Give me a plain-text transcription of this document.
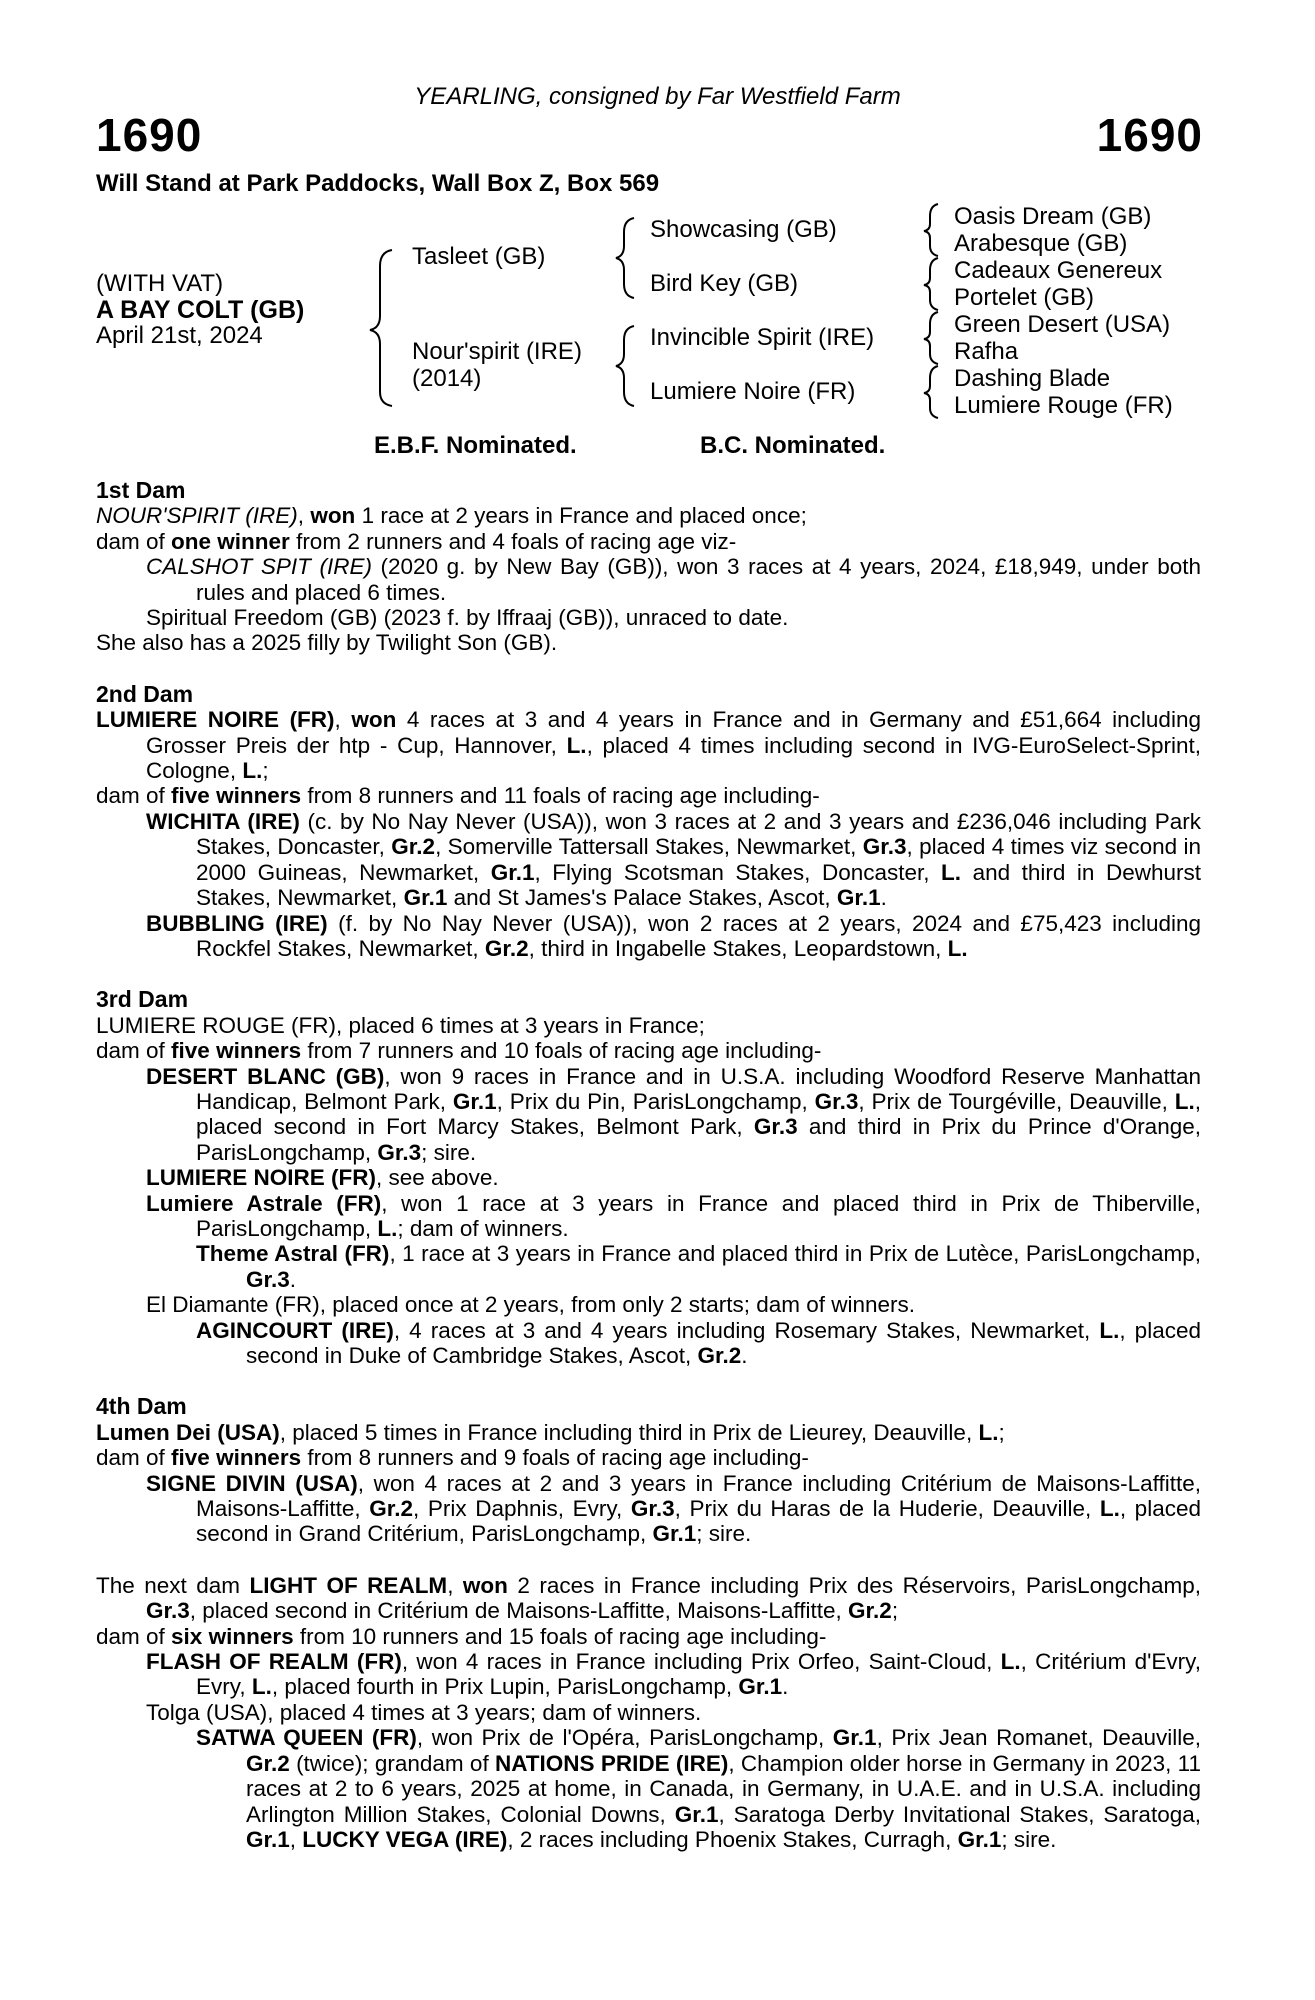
YEARLING, consigned by Far Westfield Farm
1690	1690
Will Stand at Park Paddocks, Wall Box Z, Box 569
(WITH VAT)
A BAY COLT (GB)
April 21st, 2024
Tasleet (GB)
Nour'spirit (IRE)
(2014)
Showcasing (GB)
Bird Key (GB)
Invincible Spirit (IRE)
Lumiere Noire (FR)
Oasis Dream (GB)
Arabesque (GB)
Cadeaux Genereux
Portelet (GB)
Green Desert (USA)
Rafha
Dashing Blade
Lumiere Rouge (FR)
E.B.F. Nominated.	B.C. Nominated.

1st Dam

NOUR'SPIRIT (IRE), won 1 race at 2 years in France and placed once;

dam of one winner from 2 runners and 4 foals of racing age viz-

CALSHOT SPIT (IRE) (2020 g. by New Bay (GB)), won 3 races at 4 years, 2024, £18,949, under both rules and placed 6 times.

Spiritual Freedom (GB) (2023 f. by Iffraaj (GB)), unraced to date.

She also has a 2025 filly by Twilight Son (GB).

2nd Dam

LUMIERE NOIRE (FR), won 4 races at 3 and 4 years in France and in Germany and £51,664 including Grosser Preis der htp - Cup, Hannover, L., placed 4 times including second in IVG-EuroSelect-Sprint, Cologne, L.;

dam of five winners from 8 runners and 11 foals of racing age including-

WICHITA (IRE) (c. by No Nay Never (USA)), won 3 races at 2 and 3 years and £236,046 including Park Stakes, Doncaster, Gr.2, Somerville Tattersall Stakes, Newmarket, Gr.3, placed 4 times viz second in 2000 Guineas, Newmarket, Gr.1, Flying Scotsman Stakes, Doncaster, L. and third in Dewhurst Stakes, Newmarket, Gr.1 and St James's Palace Stakes, Ascot, Gr.1.

BUBBLING (IRE) (f. by No Nay Never (USA)), won 2 races at 2 years, 2024 and £75,423 including Rockfel Stakes, Newmarket, Gr.2, third in Ingabelle Stakes, Leopardstown, L.

3rd Dam

LUMIERE ROUGE (FR), placed 6 times at 3 years in France;

dam of five winners from 7 runners and 10 foals of racing age including-

DESERT BLANC (GB), won 9 races in France and in U.S.A. including Woodford Reserve Manhattan Handicap, Belmont Park, Gr.1, Prix du Pin, ParisLongchamp, Gr.3, Prix de Tourgéville, Deauville, L., placed second in Fort Marcy Stakes, Belmont Park, Gr.3 and third in Prix du Prince d'Orange, ParisLongchamp, Gr.3; sire.

LUMIERE NOIRE (FR), see above.

Lumiere Astrale (FR), won 1 race at 3 years in France and placed third in Prix de Thiberville, ParisLongchamp, L.; dam of winners.

Theme Astral (FR), 1 race at 3 years in France and placed third in Prix de Lutèce, ParisLongchamp, Gr.3.

El Diamante (FR), placed once at 2 years, from only 2 starts; dam of winners.

AGINCOURT (IRE), 4 races at 3 and 4 years including Rosemary Stakes, Newmarket, L., placed second in Duke of Cambridge Stakes, Ascot, Gr.2.

4th Dam

Lumen Dei (USA), placed 5 times in France including third in Prix de Lieurey, Deauville, L.;

dam of five winners from 8 runners and 9 foals of racing age including-

SIGNE DIVIN (USA), won 4 races at 2 and 3 years in France including Critérium de Maisons-Laffitte, Maisons-Laffitte, Gr.2, Prix Daphnis, Evry, Gr.3, Prix du Haras de la Huderie, Deauville, L., placed second in Grand Critérium, ParisLongchamp, Gr.1; sire.

The next dam LIGHT OF REALM, won 2 races in France including Prix des Réservoirs, ParisLongchamp, Gr.3, placed second in Critérium de Maisons-Laffitte, Maisons-Laffitte, Gr.2;

dam of six winners from 10 runners and 15 foals of racing age including-

FLASH OF REALM (FR), won 4 races in France including Prix Orfeo, Saint-Cloud, L., Critérium d'Evry, Evry, L., placed fourth in Prix Lupin, ParisLongchamp, Gr.1.

Tolga (USA), placed 4 times at 3 years; dam of winners.

SATWA QUEEN (FR), won Prix de l'Opéra, ParisLongchamp, Gr.1, Prix Jean Romanet, Deauville, Gr.2 (twice); grandam of NATIONS PRIDE (IRE), Champion older horse in Germany in 2023, 11 races at 2 to 6 years, 2025 at home, in Canada, in Germany, in U.A.E. and in U.S.A. including Arlington Million Stakes, Colonial Downs, Gr.1, Saratoga Derby Invitational Stakes, Saratoga, Gr.1, LUCKY VEGA (IRE), 2 races including Phoenix Stakes, Curragh, Gr.1; sire.
